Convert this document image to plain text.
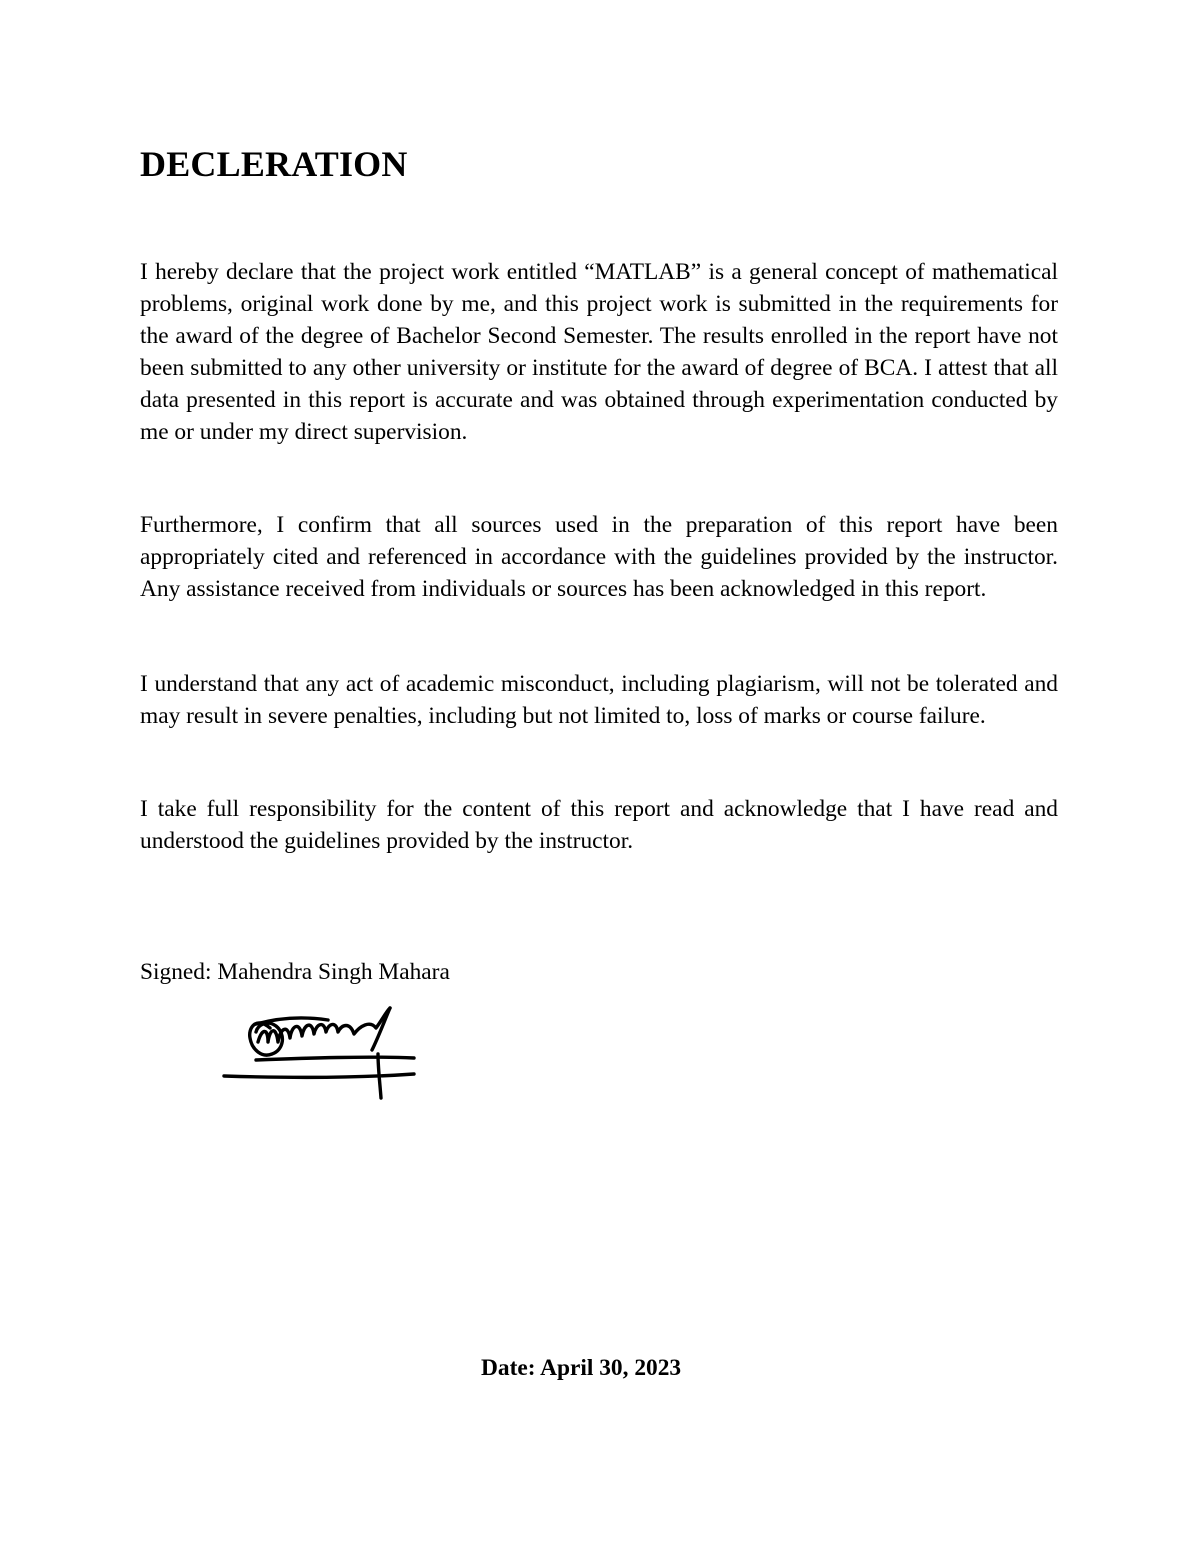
DECLERATION

I hereby declare that the project work entitled “MATLAB” is a general concept of mathematical problems, original work done by me, and this project work is submitted in the requirements for the award of the degree of Bachelor Second Semester. The results enrolled in the report have not been submitted to any other university or institute for the award of degree of BCA. I attest that all data presented in this report is accurate and was obtained through experimentation conducted by me or under my direct supervision.

Furthermore, I confirm that all sources used in the preparation of this report have been appropriately cited and referenced in accordance with the guidelines provided by the instructor. Any assistance received from individuals or sources has been acknowledged in this report.

I understand that any act of academic misconduct, including plagiarism, will not be tolerated and may result in severe penalties, including but not limited to, loss of marks or course failure.

I take full responsibility for the content of this report and acknowledge that I have read and understood the guidelines provided by the instructor.

Signed: Mahendra Singh Mahara

Date: April 30, 2023
